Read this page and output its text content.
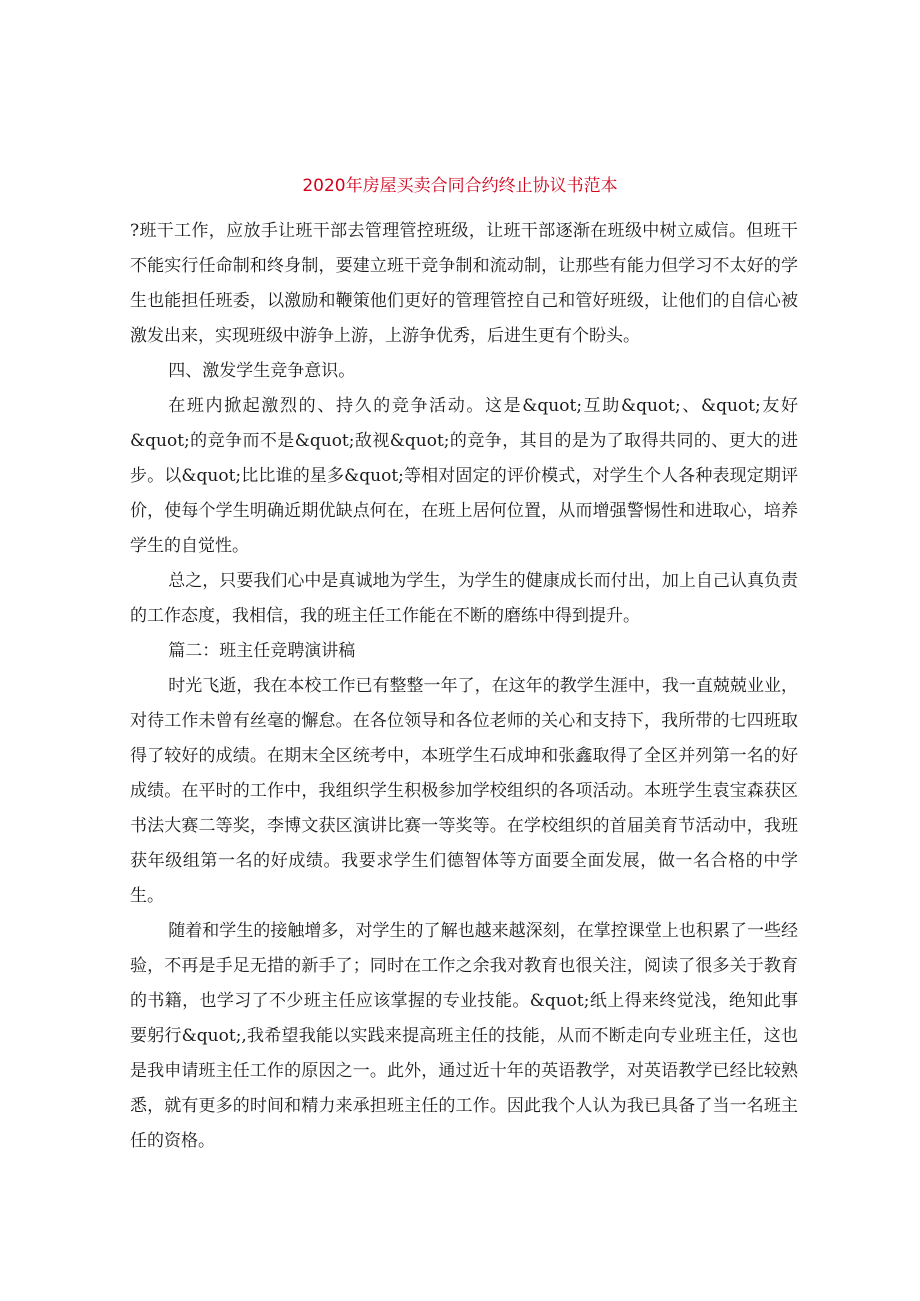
2020年房屋买卖合同合约终止协议书范本

?班干工作，应放手让班干部去管理管控班级，让班干部逐渐在班级中树立威信。但班干不能实行任命制和终身制，要建立班干竞争制和流动制，让那些有能力但学习不太好的学生也能担任班委，以激励和鞭策他们更好的管理管控自己和管好班级，让他们的自信心被激发出来，实现班级中游争上游，上游争优秀，后进生更有个盼头。

四、激发学生竞争意识。

在班内掀起激烈的、持久的竞争活动。这是&quot;互助&quot;、&quot;友好&quot;的竞争而不是&quot;敌视&quot;的竞争，其目的是为了取得共同的、更大的进步。以&quot;比比谁的星多&quot;等相对固定的评价模式，对学生个人各种表现定期评价，使每个学生明确近期优缺点何在，在班上居何位置，从而增强警惕性和进取心，培养学生的自觉性。

总之，只要我们心中是真诚地为学生，为学生的健康成长而付出，加上自己认真负责的工作态度，我相信，我的班主任工作能在不断的磨练中得到提升。

篇二：班主任竞聘演讲稿

时光飞逝，我在本校工作已有整整一年了，在这年的教学生涯中，我一直兢兢业业，对待工作未曾有丝毫的懈怠。在各位领导和各位老师的关心和支持下，我所带的七四班取得了较好的成绩。在期末全区统考中，本班学生石成坤和张鑫取得了全区并列第一名的好成绩。在平时的工作中，我组织学生积极参加学校组织的各项活动。本班学生袁宝森获区书法大赛二等奖，李博文获区演讲比赛一等奖等。在学校组织的首届美育节活动中，我班获年级组第一名的好成绩。我要求学生们德智体等方面要全面发展，做一名合格的中学生。

随着和学生的接触增多，对学生的了解也越来越深刻，在掌控课堂上也积累了一些经验，不再是手足无措的新手了；同时在工作之余我对教育也很关注，阅读了很多关于教育的书籍，也学习了不少班主任应该掌握的专业技能。&quot;纸上得来终觉浅，绝知此事要躬行&quot;,我希望我能以实践来提高班主任的技能，从而不断走向专业班主任，这也是我申请班主任工作的原因之一。此外，通过近十年的英语教学，对英语教学已经比较熟悉，就有更多的时间和精力来承担班主任的工作。因此我个人认为我已具备了当一名班主任的资格。
